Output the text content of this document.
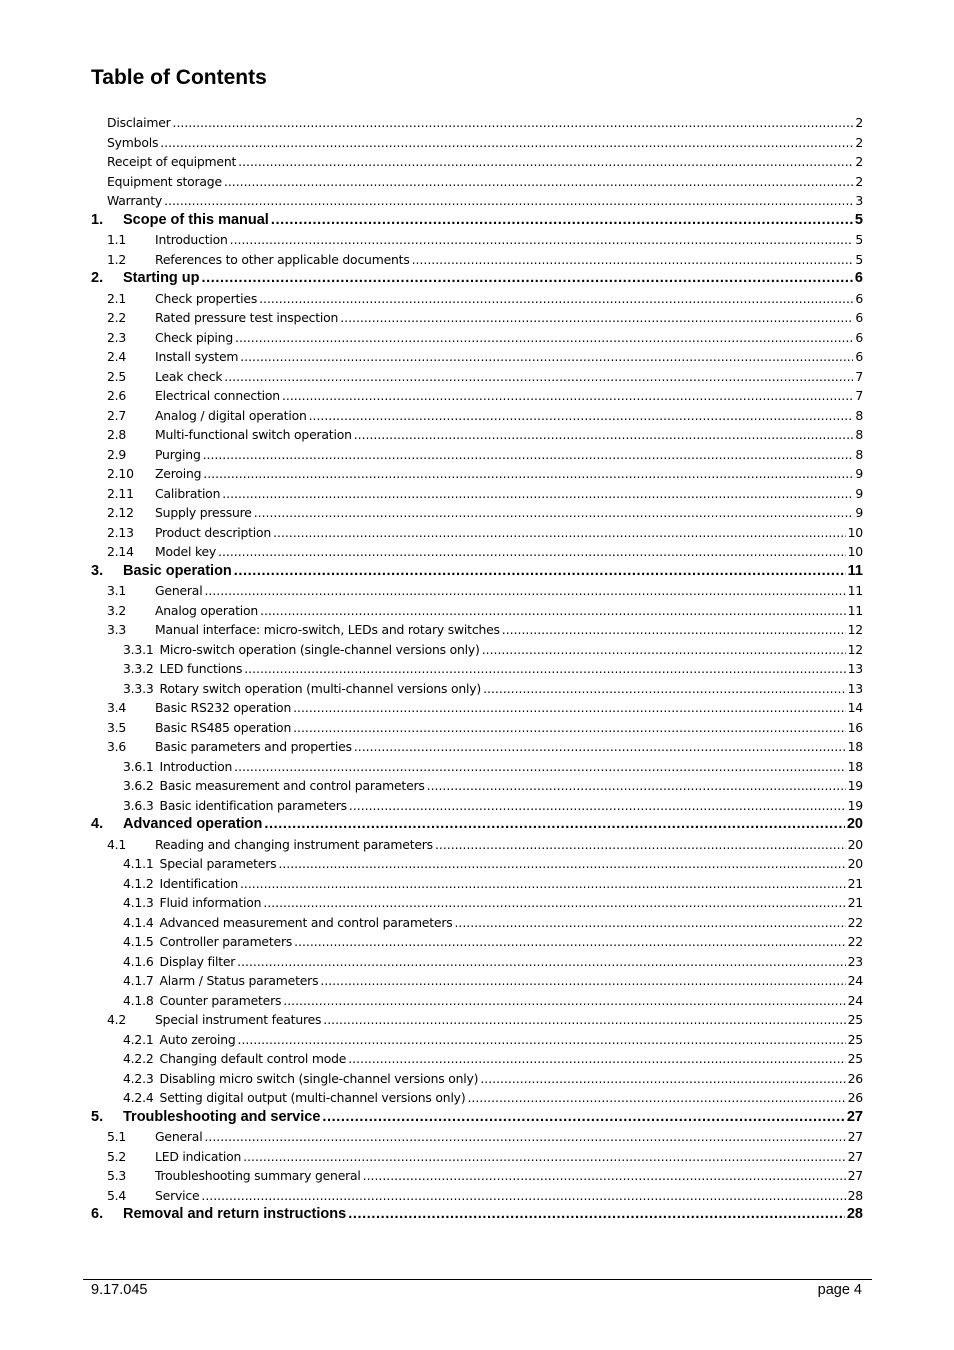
Table of Contents
Disclaimer .....	2
Symbols .....	2
Receipt of equipment .....	2
Equipment storage .....	2
Warranty .....	3
1.	Scope of this manual .....	5
1.1	Introduction .....	5
1.2	References to other applicable documents .....	5
2.	Starting up .....	6
2.1	Check properties .....	6
2.2	Rated pressure test inspection .....	6
2.3	Check piping .....	6
2.4	Install system .....	6
2.5	Leak check .....	7
2.6	Electrical connection .....	7
2.7	Analog / digital operation .....	8
2.8	Multi-functional switch operation .....	8
2.9	Purging .....	8
2.10	Zeroing .....	9
2.11	Calibration .....	9
2.12	Supply pressure .....	9
2.13	Product description .....	10
2.14	Model key .....	10
3.	Basic operation .....	11
3.1	General .....	11
3.2	Analog operation .....	11
3.3	Manual interface: micro-switch, LEDs and rotary switches .....	12
3.3.1 Micro-switch operation (single-channel versions only) .....	12
3.3.2 LED functions .....	13
3.3.3 Rotary switch operation (multi-channel versions only) .....	13
3.4	Basic RS232 operation .....	14
3.5	Basic RS485 operation .....	16
3.6	Basic parameters and properties .....	18
3.6.1 Introduction .....	18
3.6.2 Basic measurement and control parameters .....	19
3.6.3 Basic identification parameters .....	19
4.	Advanced operation .....	20
4.1	Reading and changing instrument parameters .....	20
4.1.1 Special parameters .....	20
4.1.2 Identification .....	21
4.1.3 Fluid information .....	21
4.1.4 Advanced measurement and control parameters .....	22
4.1.5 Controller parameters .....	22
4.1.6 Display filter .....	23
4.1.7 Alarm / Status parameters .....	24
4.1.8 Counter parameters .....	24
4.2	Special instrument features .....	25
4.2.1 Auto zeroing .....	25
4.2.2 Changing default control mode .....	25
4.2.3 Disabling micro switch (single-channel versions only) .....	26
4.2.4 Setting digital output (multi-channel versions only) .....	26
5.	Troubleshooting and service .....	27
5.1	General .....	27
5.2	LED indication .....	27
5.3	Troubleshooting summary general .....	27
5.4	Service .....	28
6.	Removal and return instructions .....	28
9.17.045	page 4
